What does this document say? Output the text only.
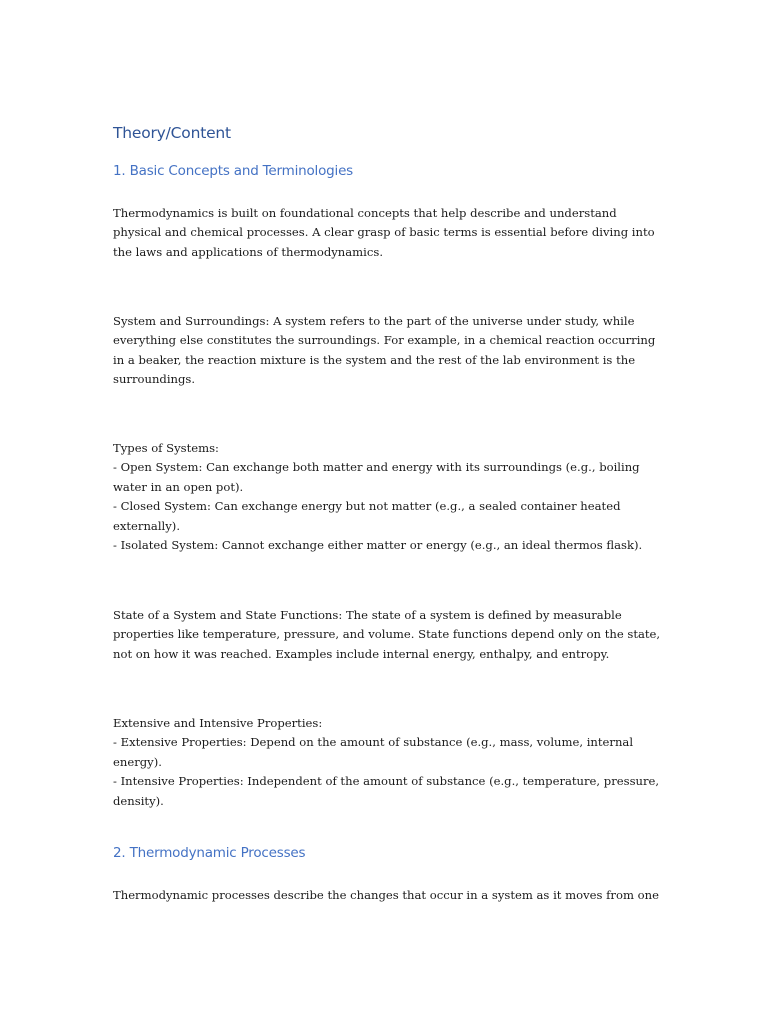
Theory/Content
1. Basic Concepts and Terminologies

Thermodynamics is built on foundational concepts that help describe and understand
physical and chemical processes. A clear grasp of basic terms is essential before diving into
the laws and applications of thermodynamics.

System and Surroundings: A system refers to the part of the universe under study, while
everything else constitutes the surroundings. For example, in a chemical reaction occurring
in a beaker, the reaction mixture is the system and the rest of the lab environment is the
surroundings.

Types of Systems:
- Open System: Can exchange both matter and energy with its surroundings (e.g., boiling
water in an open pot).
- Closed System: Can exchange energy but not matter (e.g., a sealed container heated
externally).
- Isolated System: Cannot exchange either matter or energy (e.g., an ideal thermos flask).

State of a System and State Functions: The state of a system is defined by measurable
properties like temperature, pressure, and volume. State functions depend only on the state,
not on how it was reached. Examples include internal energy, enthalpy, and entropy.

Extensive and Intensive Properties:
- Extensive Properties: Depend on the amount of substance (e.g., mass, volume, internal
energy).
- Intensive Properties: Independent of the amount of substance (e.g., temperature, pressure,
density).

2. Thermodynamic Processes

Thermodynamic processes describe the changes that occur in a system as it moves from one
